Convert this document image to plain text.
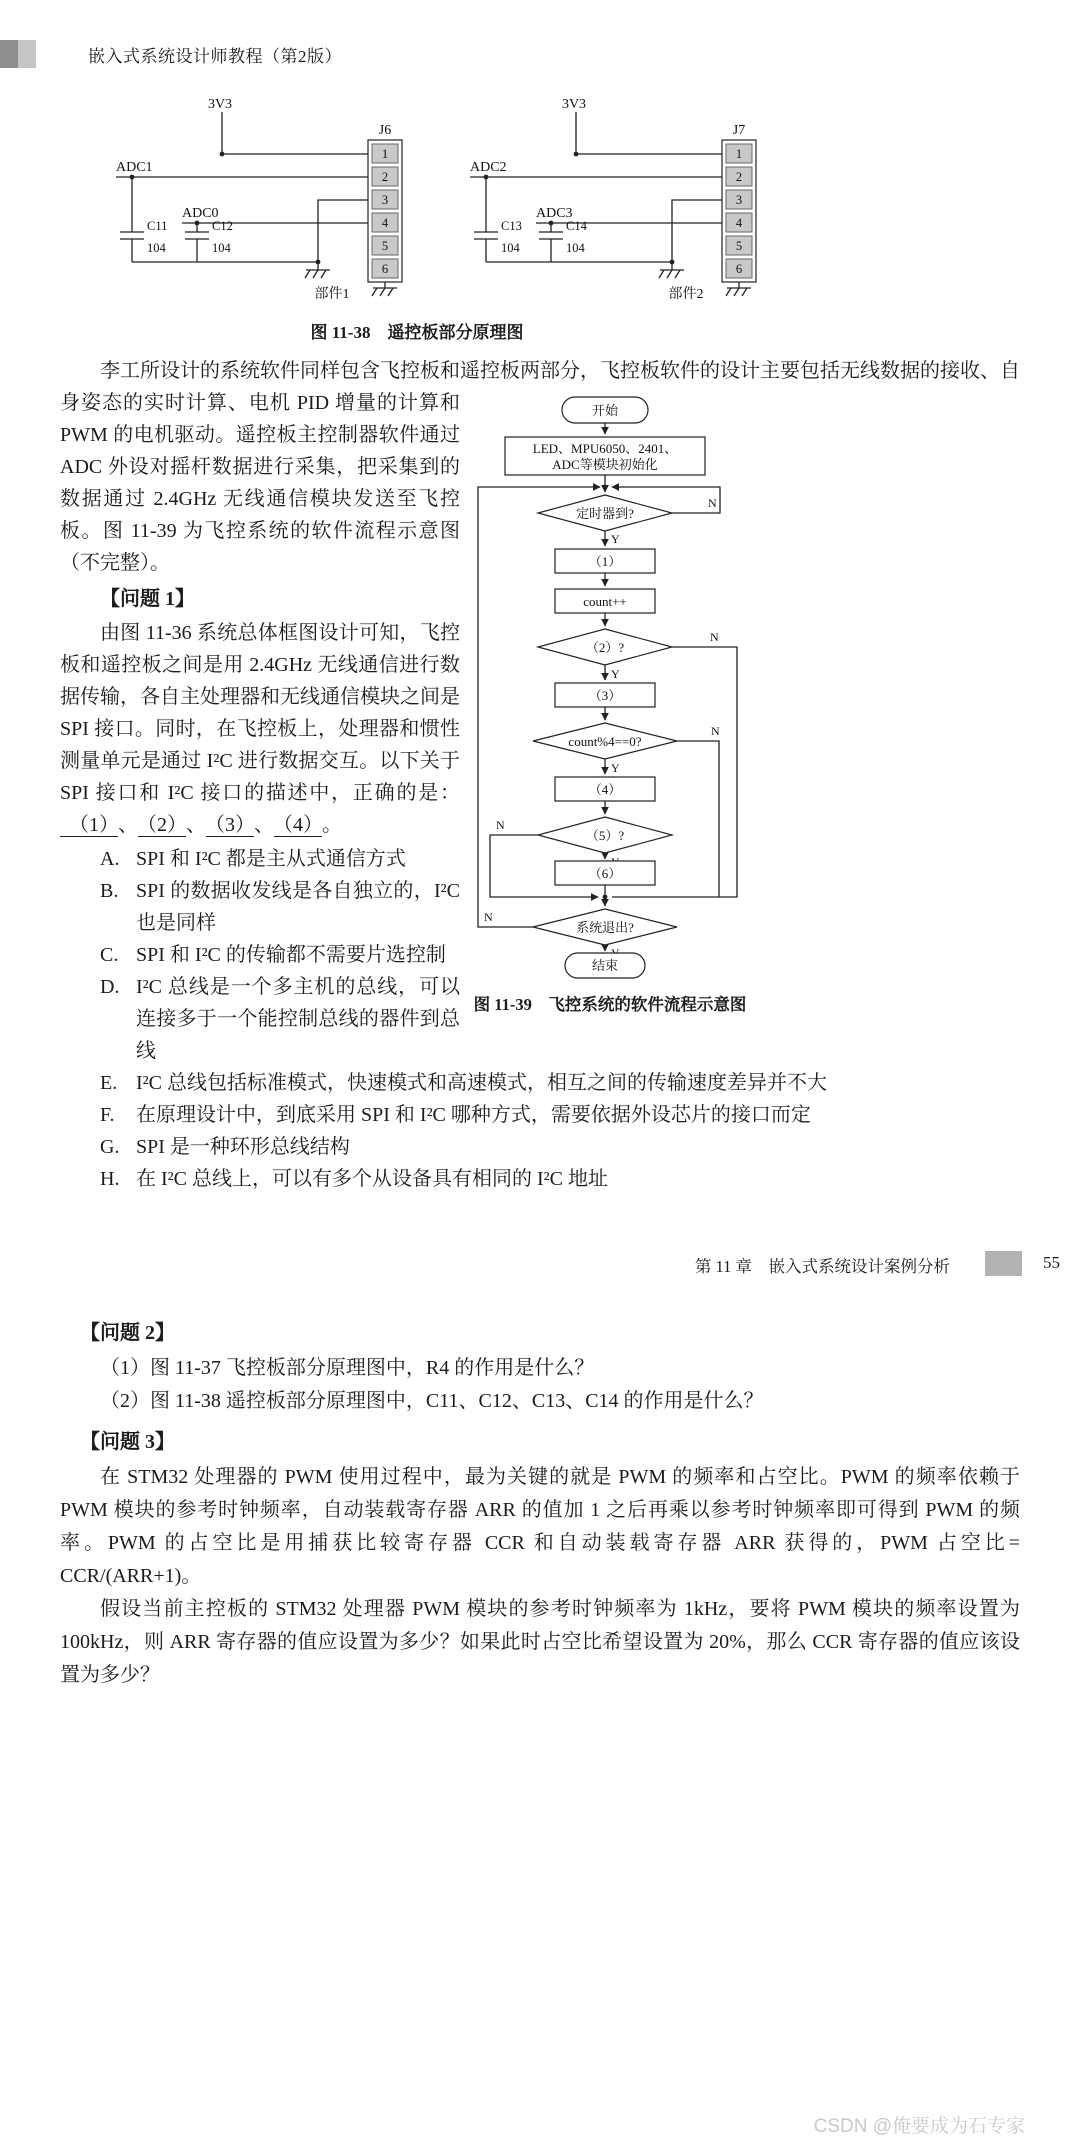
嵌入式系统设计师教程（第2版）
1
2
3
4
5
6
3V3
J6
ADC1
ADC0
C11
104
C12
104
部件1
1
2
3
4
5
6
3V3
J7
ADC2
ADC3
C13
104
C14
104
部件2
图 11-38　遥控板部分原理图

李工所设计的系统软件同样包含飞控板和遥控板两部分，飞控板软件的设计主
开始
LED、MPU6050、2401、
ADC等模块初始化
定时器到?
N
Y
（1）
count++
（2）?
N
Y
（3）
count%4==0?
N
Y
（4）
（5）?
N
（6）
系统退出?
N
结束
图 11-39　飞控系统的软件流程示意图
要包括无线数据的接收、自身姿态的实时计算、电机 PID 增量的计算和 PWM 的电机驱动。遥控板主控制器软件通过 ADC 外设对摇杆数据进行采集，把采集到的数据通过 2.4GHz 无线通信模块发送至飞控板。图 11-39 为飞控系统的软件流程示意图（不完整）。

【问题 1】

由图 11-36 系统总体框图设计可知，飞控板和遥控板之间是用 2.4GHz 无线通信进行数据传输，各自主处理器和无线通信模块之间是 SPI 接口。同时，在飞控板上，处理器和惯性测量单元是通过 I²C 进行数据交互。以下关于 SPI 接口和 I²C 接口的描述中，正确的是：（1） 、 （2） 、 （3） 、 （4） 。

A. SPI 和 I²C 都是主从式通信方式
B. SPI 的数据收发线是各自独立的，I²C 也是同样
C. SPI 和 I²C 的传输都不需要片选控制
D. I²C 总线是一个多主机的总线，可以连接多于一个能控制总线的器件到总线
E. I²C 总线包括标准模式，快速模式和高速模式，相互之间的传输速度差异并不大
F.	在原理设计中，到底采用 SPI 和 I²C 哪种方式，需要依据外设芯片的接口而定
G. SPI 是一种环形总线结构
H. 在 I²C 总线上，可以有多个从设备具有相同的 I²C 地址
第 11 章　嵌入式系统设计案例分析	55
【问题 2】

（1）图 11-37 飞控板部分原理图中，R4 的作用是什么？

（2）图 11-38 遥控板部分原理图中，C11、C12、C13、C14 的作用是什么？

【问题 3】

在 STM32 处理器的 PWM 使用过程中，最为关键的就是 PWM 的频率和占空比。PWM 的频率依赖于 PWM 模块的参考时钟频率，自动装载寄存器 ARR 的值加 1 之后再乘以参考时钟频率即可得到 PWM 的频率。PWM 的占空比是用捕获比较寄存器 CCR 和自动装载寄存器 ARR 获得的，PWM 占空比= CCR/(ARR+1)。

假设当前主控板的 STM32 处理器 PWM 模块的参考时钟频率为 1kHz，要将 PWM 模块的频率设置为 100kHz，则 ARR 寄存器的值应设置为多少？如果此时占空比希望设置为 20%，那么 CCR 寄存器的值应该设置为多少？

CSDN @俺要成为石专家
